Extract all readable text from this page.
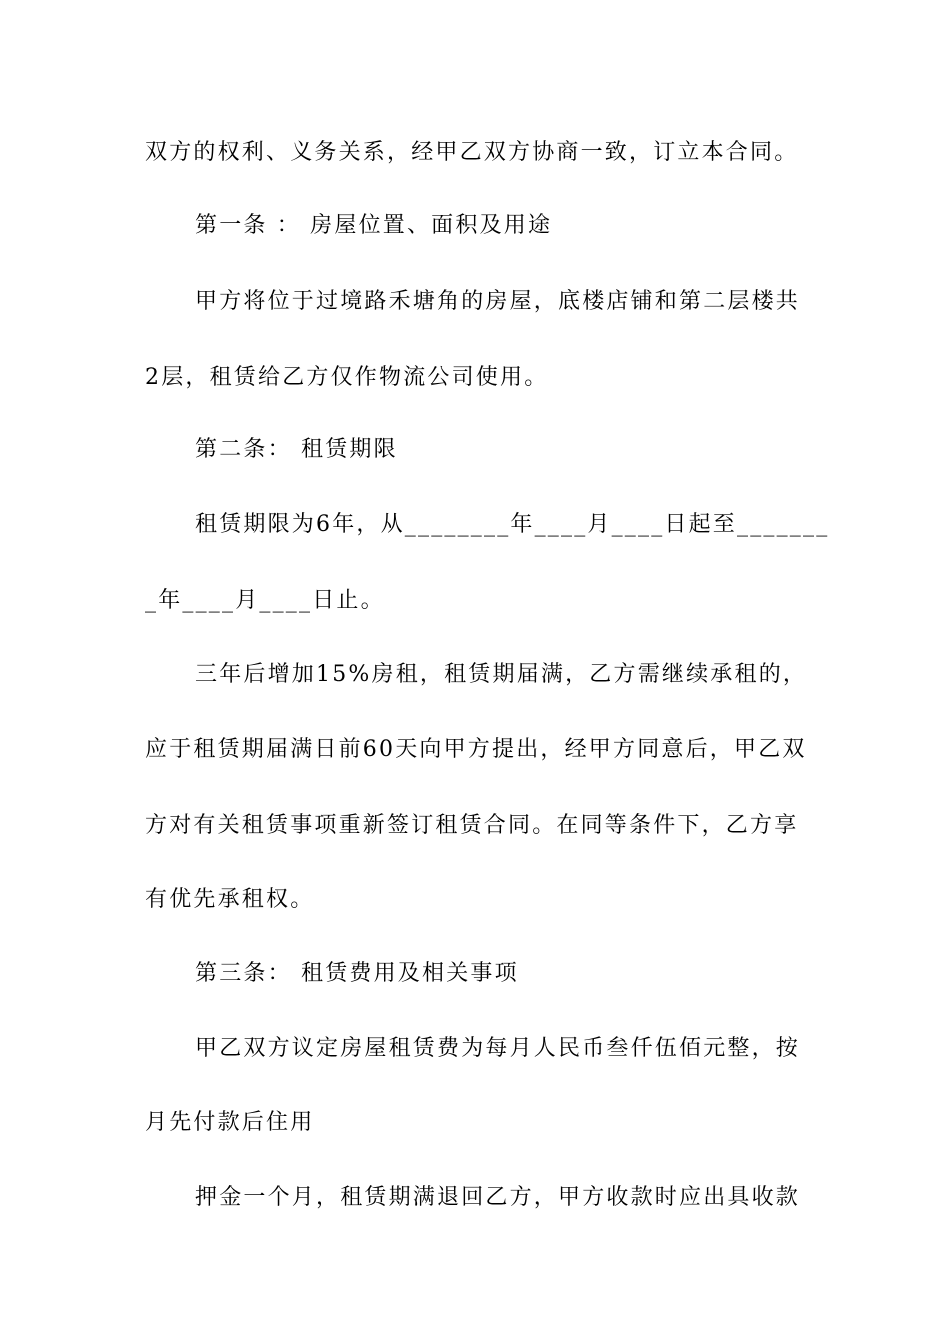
双方的权利、义务关系，经甲乙双方协商一致，订立本合同。
第一条 ： 房屋位置、面积及用途
甲方将位于过境路禾塘角的房屋，底楼店铺和第二层楼共
2层，租赁给乙方仅作物流公司使用。
第二条： 租赁期限
租赁期限为6年，从________年____月____日起至_______
_年____月____日止。
三年后增加15%房租，租赁期届满，乙方需继续承租的，
应于租赁期届满日前60天向甲方提出，经甲方同意后，甲乙双
方对有关租赁事项重新签订租赁合同。在同等条件下，乙方享
有优先承租权。
第三条： 租赁费用及相关事项
甲乙双方议定房屋租赁费为每月人民币叁仟伍佰元整，按
月先付款后住用
押金一个月，租赁期满退回乙方，甲方收款时应出具收款
